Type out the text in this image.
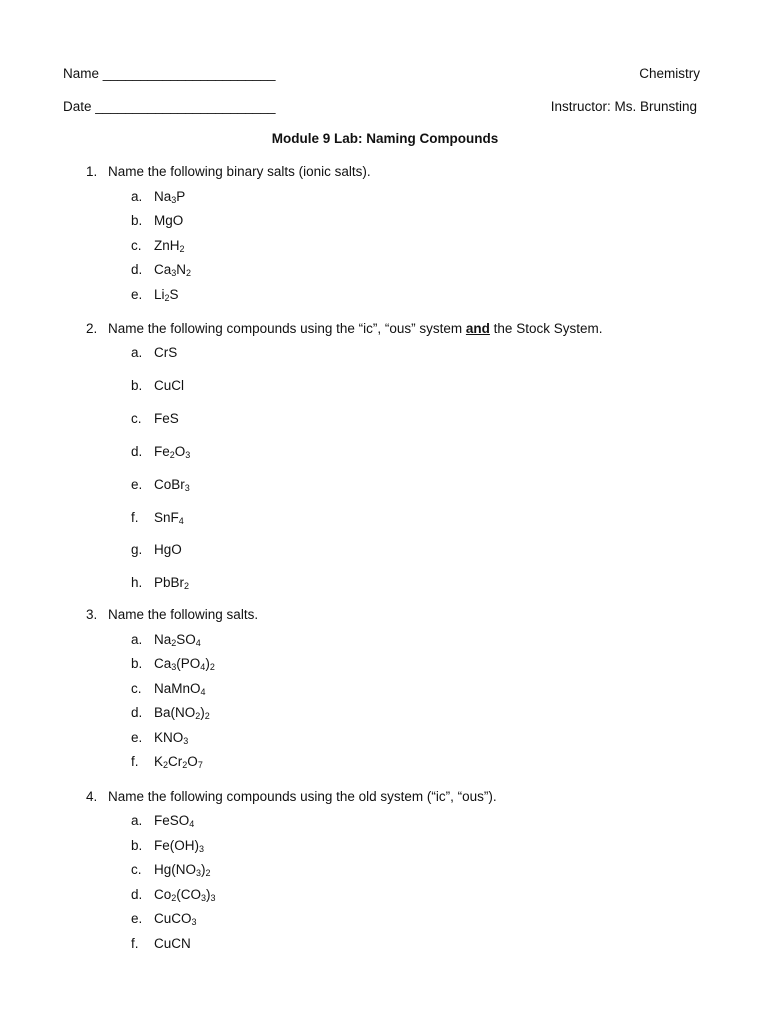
Name _______________________	Chemistry
Date ________________________	Instructor: Ms. Brunsting
Module 9 Lab: Naming Compounds
1. Name the following binary salts (ionic salts).
a. $Na_3P$
b. MgO
c. ZnH$_2$
d. $Ca_3N_2$
e. $Li_2S$
2. Name the following compounds using the “ic”, “ous” system and the Stock System.
a. CrS
b. CuCl
c. FeS
d. $Fe_2O_3$
e. CoBr$_3$
f.	SnF$_4$
g. HgO
h. PbBr$_2$
3. Name the following salts.
a. $Na_2SO_4$
b. $Ca_3(PO_4)_2$
c. NaMnO$_4$
d. $Ba(NO_2)_2$
e. $KNO_3$
f.	$K_2Cr_2O_7$
4. Name the following compounds using the old system (“ic”, “ous”).
a. FeSO$_4$
b. $Fe(OH)_3$
c. $Hg(NO_3)_2$
d. $Co_2(CO_3)_3$
e. CuCO$_3$
f.	CuCN
